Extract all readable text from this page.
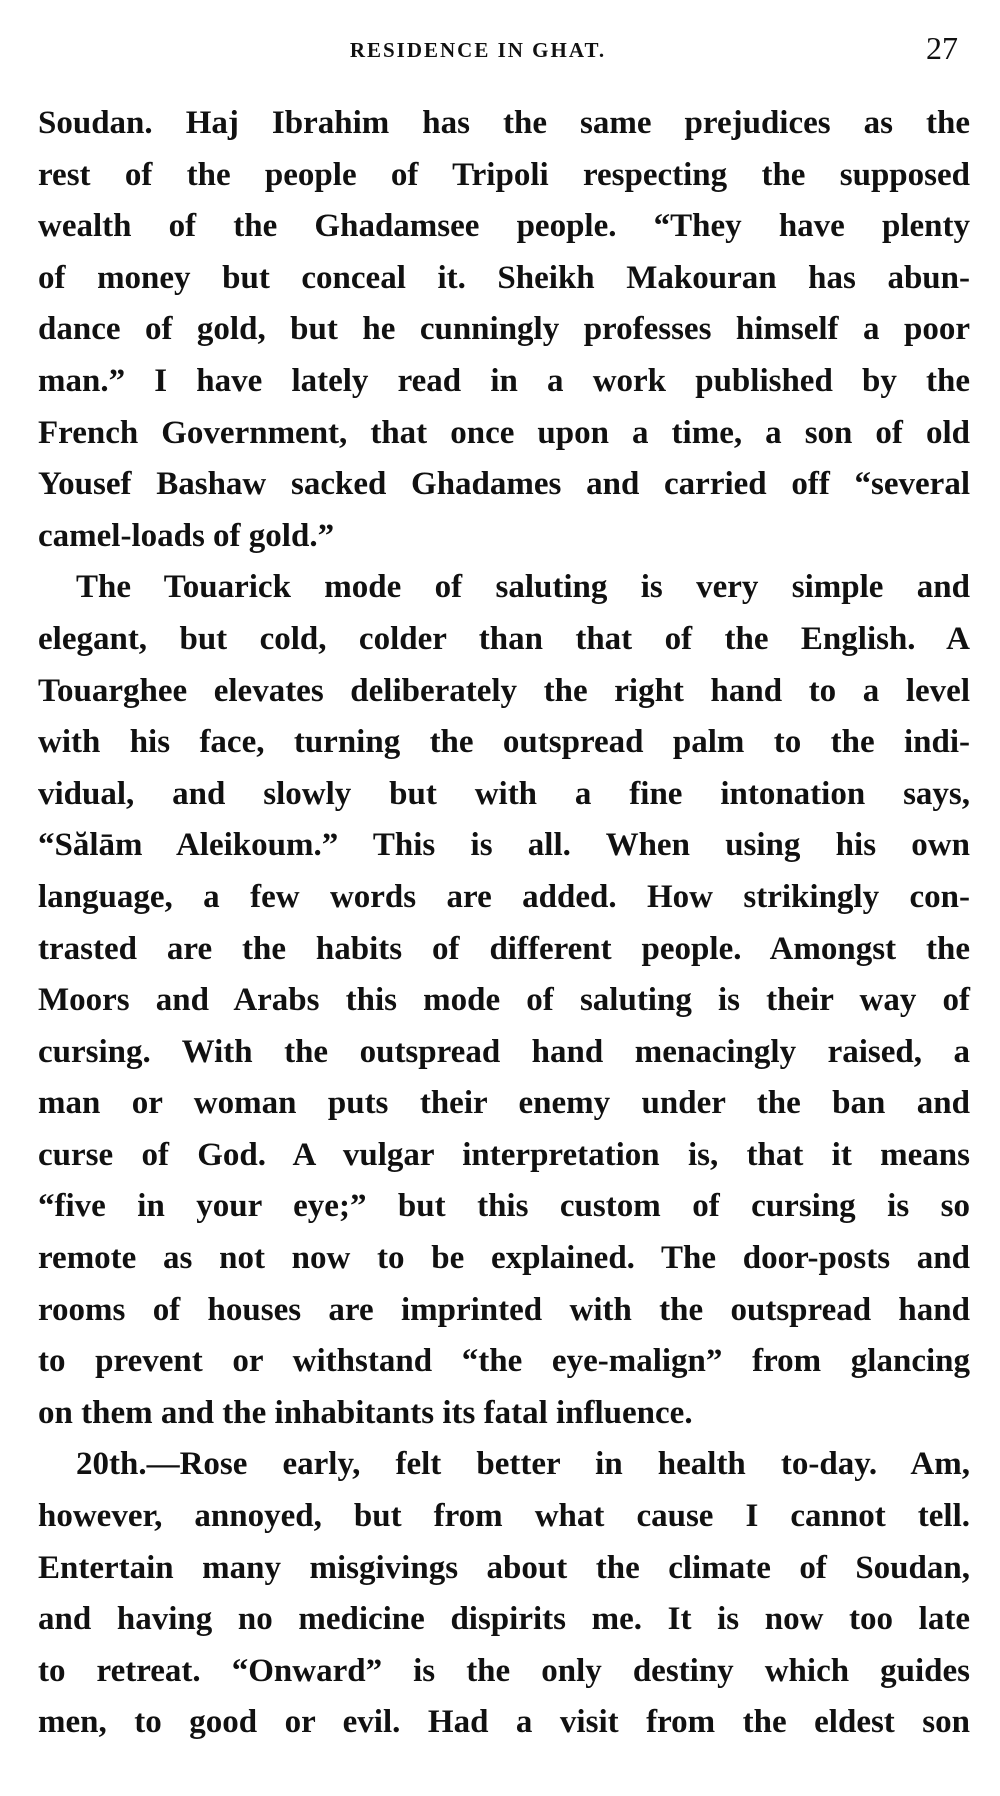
RESIDENCE IN GHAT.	27
Soudan. Haj Ibrahim has the same prejudices as the
rest of the people of Tripoli respecting the supposed
wealth of the Ghadamsee people. “They have plenty
of money but conceal it. Sheikh Makouran has abun-
dance of gold, but he cunningly professes himself a poor
man.” I have lately read in a work published by the
French Government, that once upon a time, a son of old
Yousef Bashaw sacked Ghadames and carried off “several
camel-loads of gold.”
The Touarick mode of saluting is very simple and
elegant, but cold, colder than that of the English. A
Touarghee elevates deliberately the right hand to a level
with his face, turning the outspread palm to the indi-
vidual, and slowly but with a fine intonation says,
“Sălām Aleikoum.” This is all. When using his own
language, a few words are added. How strikingly con-
trasted are the habits of different people. Amongst the
Moors and Arabs this mode of saluting is their way of
cursing. With the outspread hand menacingly raised, a
man or woman puts their enemy under the ban and
curse of God. A vulgar interpretation is, that it means
“five in your eye;” but this custom of cursing is so
remote as not now to be explained. The door-posts and
rooms of houses are imprinted with the outspread hand
to prevent or withstand “the eye-malign” from glancing
on them and the inhabitants its fatal influence.
20th.—Rose early, felt better in health to-day. Am,
however, annoyed, but from what cause I cannot tell.
Entertain many misgivings about the climate of Soudan,
and having no medicine dispirits me. It is now too late
to retreat. “Onward” is the only destiny which guides
men, to good or evil. Had a visit from the eldest son
